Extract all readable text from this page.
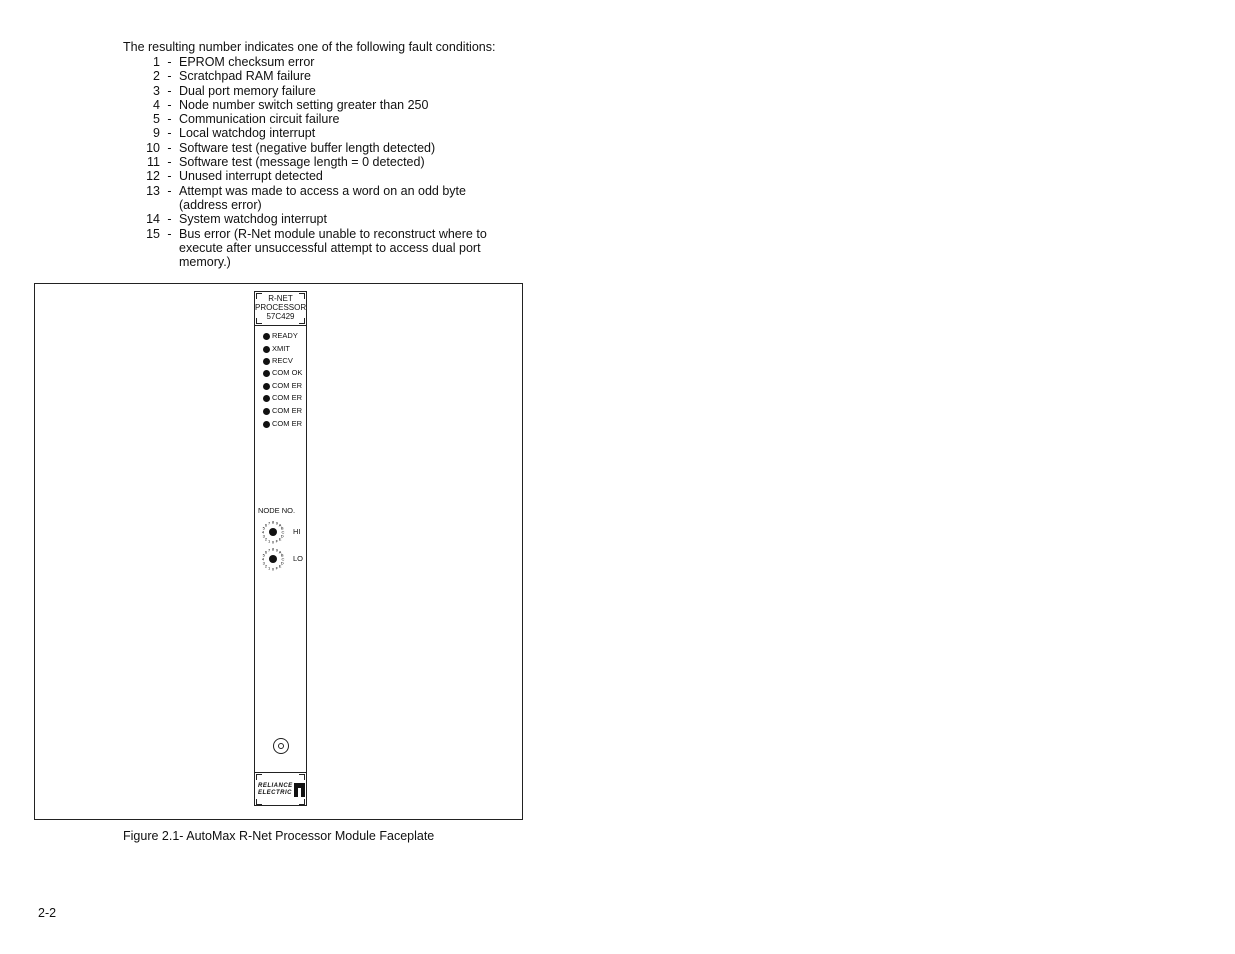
The resulting number indicates one of the following fault conditions:
1 - EPROM checksum error
2 - Scratchpad RAM failure
3 - Dual port memory failure
4 - Node number switch setting greater than 250
5 - Communication circuit failure
9 - Local watchdog interrupt
10 - Software test (negative buffer length detected)
11 - Software test (message length = 0 detected)
12 - Unused interrupt detected
13 - Attempt was made to access a word on an odd byte (address error)
14 - System watchdog interrupt
15 - Bus error (R-Net module unable to reconstruct where to execute after unsuccessful attempt to access dual port memory.)
R-NET
PROCESSOR
57C429
READY
XMIT
RECV
COM OK
COM ER
COM ER
COM ER
COM ER
NODE NO.
0
1
2
3
4
5
6 7 8 9 A
B
C
D
E
F
HI
0
1
2
3
4
5
6 7 8 9 A
B
C
D
E
F
LO
RELIANCE
ELECTRIC
Figure 2.1- AutoMax R-Net Processor Module Faceplate
2-2
